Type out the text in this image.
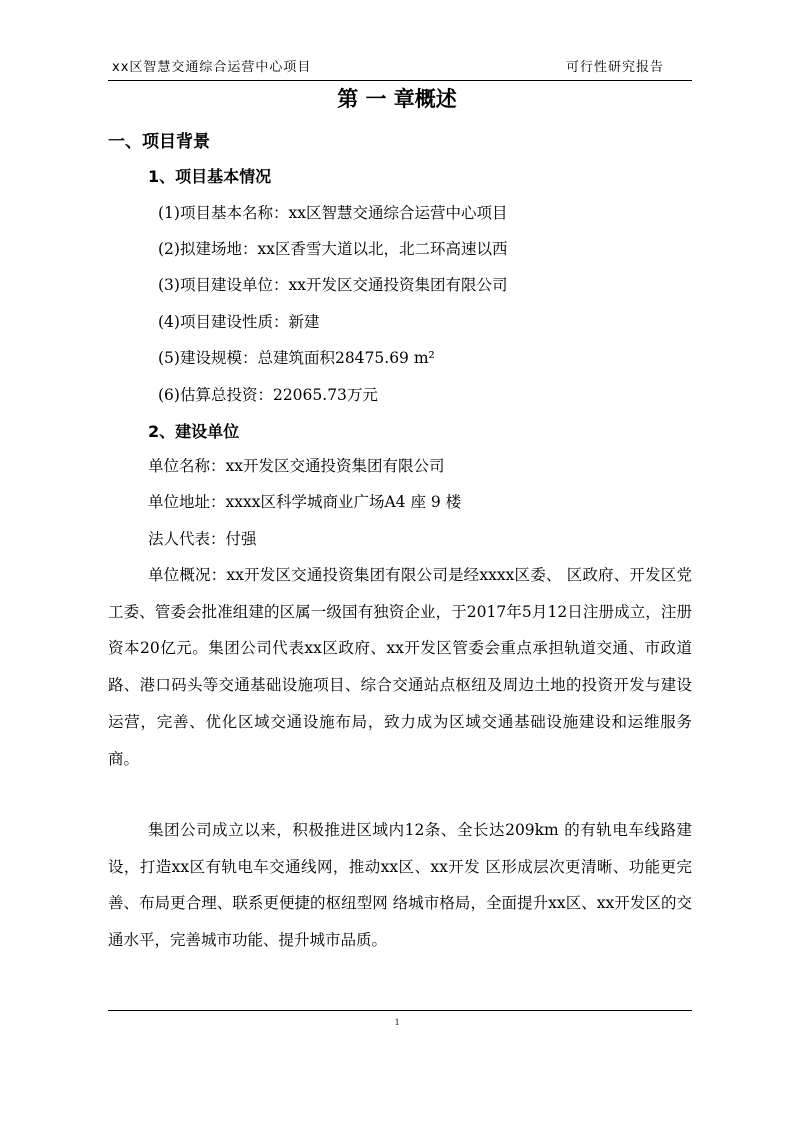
xx区智慧交通综合运营中心项目	可行性研究报告
第 一 章概述
一、项目背景
1、项目基本情况
(1)项目基本名称：xx区智慧交通综合运营中心项目
(2)拟建场地：xx区香雪大道以北，北二环高速以西
(3)项目建设单位：xx开发区交通投资集团有限公司
(4)项目建设性质：新建
(5)建设规模：总建筑面积28475.69 m²
(6)估算总投资：22065.73万元
2、建设单位
单位名称：xx开发区交通投资集团有限公司
单位地址：xxxx区科学城商业广场A4 座 9 楼
法人代表：付强

单位概况：xx开发区交通投资集团有限公司是经xxxx区委、 区政府、开发区党工委、管委会批准组建的区属一级国有独资企业，于2017年5月12日注册成立，注册资本20亿元。集团公司代表xx区政府、xx开发区管委会重点承担轨道交通、市政道路、港口码头等交通基础设施项目、综合交通站点枢纽及周边土地的投资开发与建设运营，完善、优化区域交通设施布局，致力成为区域交通基础设施建设和运维服务商。

集团公司成立以来，积极推进区域内12条、全长达209km 的有轨电车线路建设，打造xx区有轨电车交通线网，推动xx区、xx开发 区形成层次更清晰、功能更完善、布局更合理、联系更便捷的枢纽型网 络城市格局，全面提升xx区、xx开发区的交通水平，完善城市功能、提升城市品质。

1
